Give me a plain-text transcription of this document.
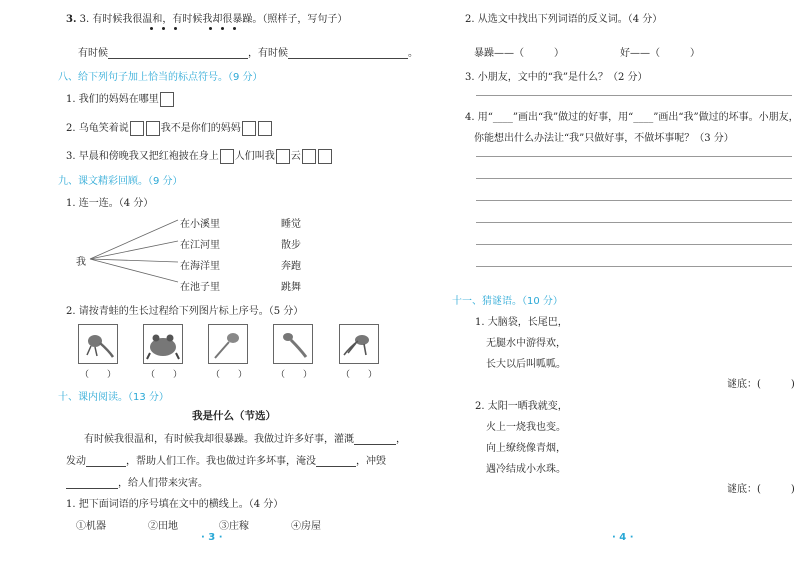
3. 3. 有时候我很温和，有时候我却很暴躁。（照样子，写句子）
有时候	，有时候	。
八、给下列句子加上恰当的标点符号。（9 分）
1. 我们的妈妈在哪里
2. 乌龟笑着说	我不是你们的妈妈
3. 早晨和傍晚我又把红袍披在身上 人们叫我 云
九、课文精彩回顾。（9 分）
1. 连一连。（4 分）
我
在小溪里
在江河里
在海洋里
在池子里
睡觉
散步
奔跑
跳舞
2. 请按青蛙的生长过程给下列图片标上序号。（5 分）
（　　）	（　　）	（　　）	（　　）	（　　）
十、课内阅读。（13 分）
我是什么（节选）
有时候我很温和，有时候我却很暴躁。我做过许多好事，灌溉	，
发动	，帮助人们工作。我也做过许多坏事，淹没	，冲毁
，给人们带来灾害。
1. 把下面词语的序号填在文中的横线上。（4 分）
①机器	②田地	③庄稼	④房屋
· 3 ·
2. 从选文中找出下列词语的反义词。（4 分）
暴躁——（　　　）	好——（　　　）
3. 小朋友，文中的“我”是什么？（2 分）
4. 用“____”画出“我”做过的好事，用“____”画出“我”做过的坏事。小朋友，
你能想出什么办法让“我”只做好事，不做坏事呢？（3 分）
十一、猜谜语。（10 分）
1. 大脑袋，长尾巴，
无腿水中游得欢，
长大以后叫呱呱。
谜底：(　　　)
2. 太阳一晒我就变，
火上一烧我也变。
向上缭绕像青烟，
遇冷结成小水珠。
谜底：(　　　)
· 4 ·
